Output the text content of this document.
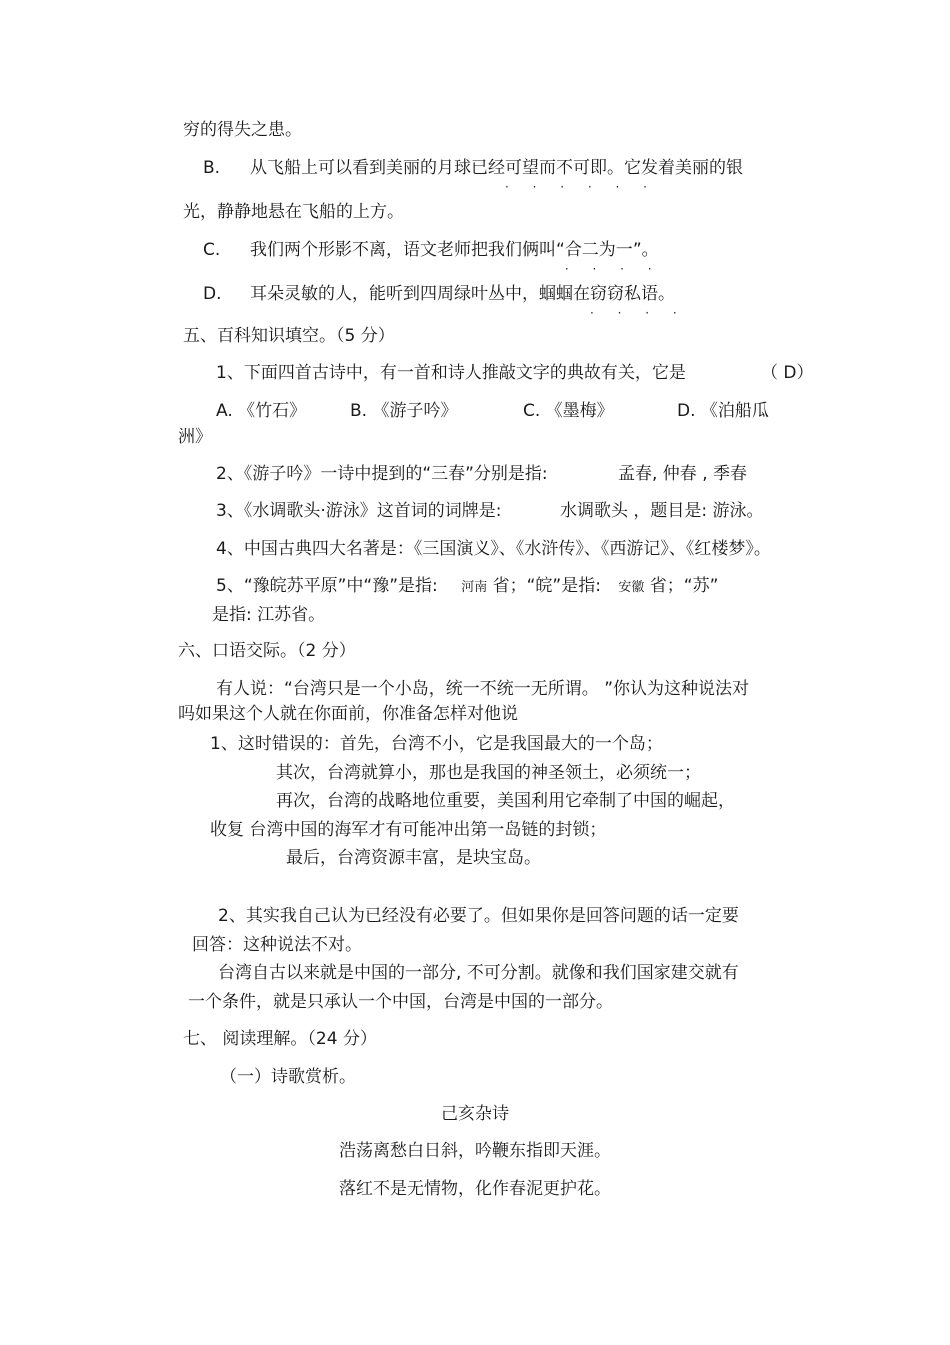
穷的得失之患。
B. 从飞船上可以看到美丽的月球已经可望而不可即
· · · · · ·
。它发着美丽的银
光，静静地悬在飞船的上方。
C. 我们两个形影不离，语文老师把我们俩叫“合二为一
· · · ·
”。
D. 耳朵灵敏的人，能听到四周绿叶丛中，蝈蝈在窃窃私语
· · · ·
。
五、百科知识填空。（5 分）
1、下面四首古诗中，有一首和诗人推敲文字的典故有关，它是	（ D）
A. 《竹石》	B. 《游子吟》	C. 《墨梅》	D. 《泊船瓜
洲》
2、《游子吟》一诗中提到的“三春”分别是指:	孟春, 仲春 , 季春
3、《水调歌头·游泳》这首词的词牌是:	水调歌头 ，题目是: 游泳。
4、中国古典四大名著是：《三国演义》、《水浒传》、《西游记》、《红楼梦》。
5、“豫皖苏平原”中“豫”是指: 河南 省；“皖”是指: 安徽 省；“苏”
是指: 江苏省。
六、口语交际。（2 分）
有人说：“台湾只是一个小岛，统一不统一无所谓。 ”你认为这种说法对
吗如果这个人就在你面前，你准备怎样对他说
1、这时错误的：首先，台湾不小，它是我国最大的一个岛；
其次，台湾就算小，那也是我国的神圣领土，必须统一；
再次，台湾的战略地位重要，美国利用它牵制了中国的崛起，
收复 台湾中国的海军才有可能冲出第一岛链的封锁；
最后，台湾资源丰富，是块宝岛。
2、其实我自己认为已经没有必要了。但如果你是回答问题的话一定要
回答：这种说法不对。
台湾自古以来就是中国的一部分, 不可分割。就像和我们国家建交就有
一个条件，就是只承认一个中国，台湾是中国的一部分。
七、 阅读理解。（24 分）
（一）诗歌赏析。
己亥杂诗
浩荡离愁白日斜，吟鞭东指即天涯。
落红不是无情物，化作春泥更护花。
